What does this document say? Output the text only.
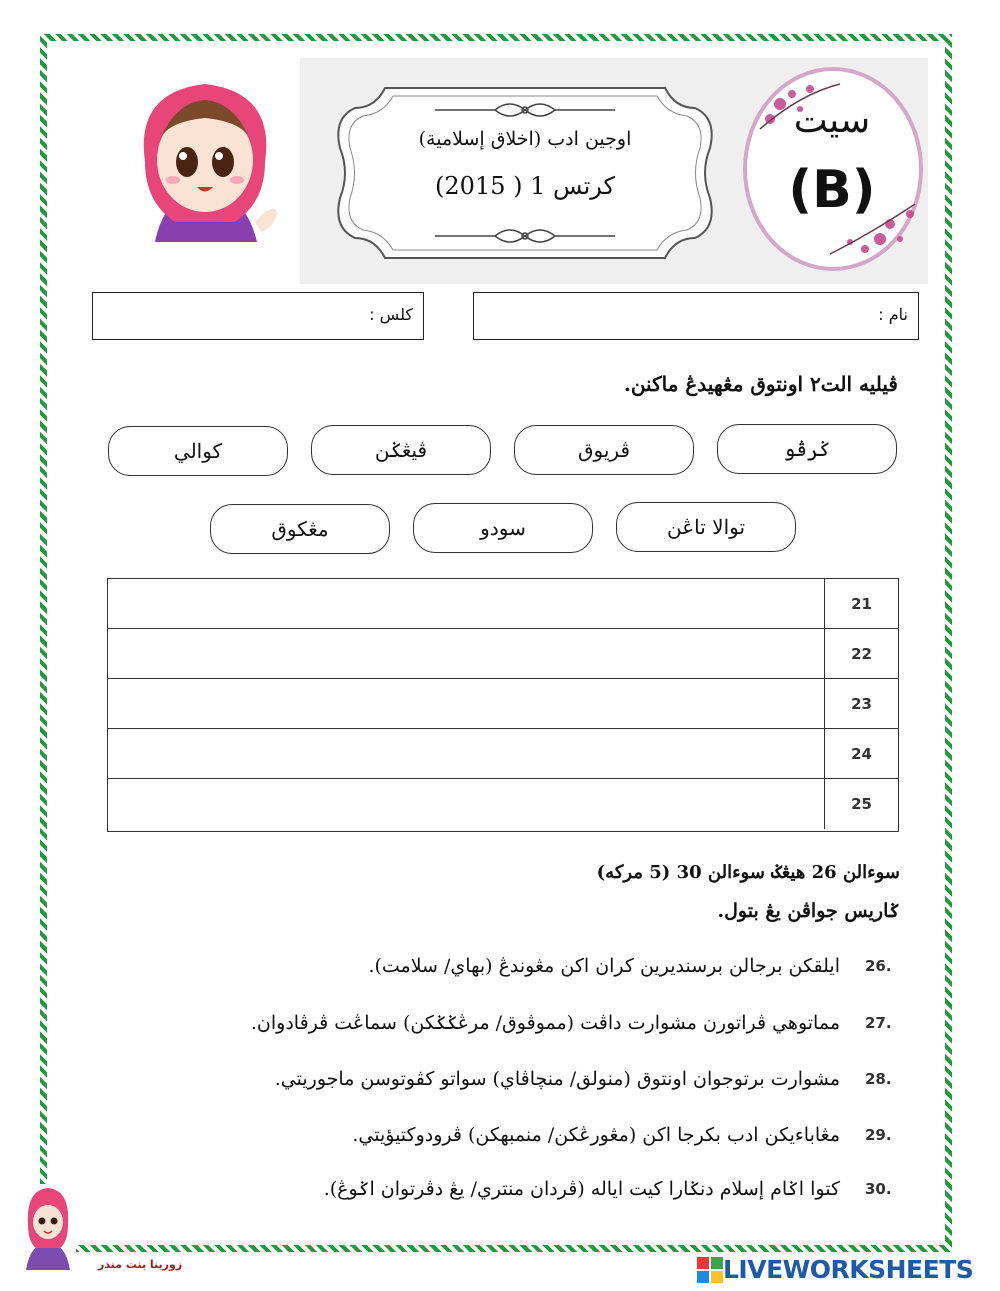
اوجين ادب (اخلاق إسلامية)
کرتس 1 ( 2015)
سيت
(B)
کلس :	نام :
ڤيليه الت٢ اونتوق مڠهيدڠ ماكنن.
ݢرڤو
ڤريوق
ڤيڠݢن
كوالي
توالا تاڠن
سودو
مڠكوق
21
22
23
24
25
سوءالن 26 هيڠݢ سوءالن 30 (5 مرکه)
ݢاريس جواڤن يڠ بتول.
26.
ايلقكن برجالن برسنديرين كران اكن مڠوندڠ (بهاي/ سلامت).
27.
مماتوهي ڤراتورن مشوارت داڤت (مموڤوق/ مرڠݢݢكن) سماڠت ڤرڤادوان.
28.
مشوارت برتوجوان اونتوق (منولق/ منچاڤاي) سواتو كڤوتوسن ماجوريتي.
29.
مڠاباءيكن ادب بكرجا اكن (مڠورڠكن/ منمبهكن) ڤرودوكتيؤيتي.
30.
كتوا اݢام إسلام دنݢارا كيت اياله (ڤردان منتري/ يڠ دڤرتوان اݢوڠ).
زورينا بنت منذر	LIVEWORKSHEETS
